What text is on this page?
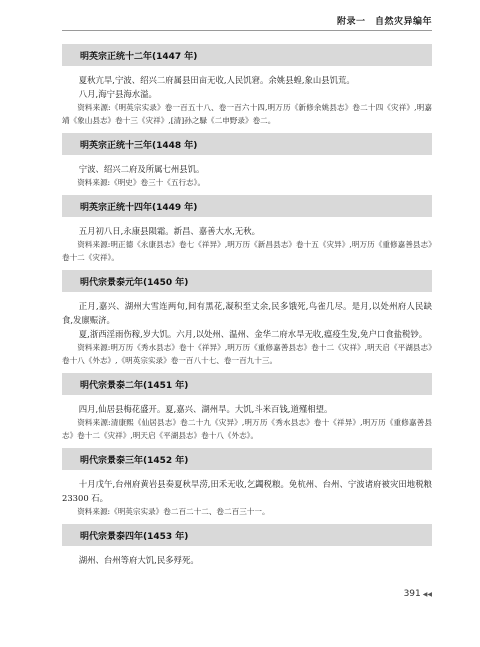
附录一　自然灾异编年
明英宗正统十二年(1447 年)

夏秋亢旱,宁波、绍兴二府属县田亩无收,人民饥窘。余姚县蝗,象山县饥荒。

八月,海宁县海水溢。

资料来源:《明英宗实录》卷一百五十八、卷一百六十四,明万历《新修余姚县志》卷二十四《灾祥》,明嘉靖《象山县志》卷十三《灾祥》,[清]孙之騄《二申野录》卷二。

明英宗正统十三年(1448 年)

宁波、绍兴二府及所属七州县饥。

资料来源:《明史》卷三十《五行志》。

明英宗正统十四年(1449 年)

五月初八日,永康县陨霜。新昌、嘉善大水,无秋。

资料来源:明正德《永康县志》卷七《祥异》,明万历《新昌县志》卷十五《灾异》,明万历《重修嘉善县志》卷十二《灾祥》。

明代宗景泰元年(1450 年)

正月,嘉兴、湖州大雪连两旬,间有黑花,凝积至丈余,民多饿死,鸟雀几尽。是月,以处州府人民缺食,发廪赈济。

夏,浙西淫雨伤稼,岁大饥。六月,以处州、温州、金华二府水旱无收,瘟疫生发,免户口食盐税钞。

资料来源:明万历《秀水县志》卷十《祥异》,明万历《重修嘉善县志》卷十二《灾祥》,明天启《平湖县志》卷十八《外志》,《明英宗实录》卷一百八十七、卷一百九十三。

明代宗景泰二年(1451 年)

四月,仙居县梅花盛开。夏,嘉兴、湖州旱。大饥,斗米百钱,道殣相望。

资料来源:清康熙《仙居县志》卷二十九《灾异》,明万历《秀水县志》卷十《祥异》,明万历《重修嘉善县志》卷十二《灾祥》,明天启《平湖县志》卷十八《外志》。

明代宗景泰三年(1452 年)

十月戊午,台州府黄岩县奏夏秋旱涝,田禾无收,乞蠲税粮。免杭州、台州、宁波诸府被灾田地税粮 23300 石。

资料来源:《明英宗实录》卷二百二十二、卷二百三十一。

明代宗景泰四年(1453 年)

湖州、台州等府大饥,民多殍死。

391 ◀◀
